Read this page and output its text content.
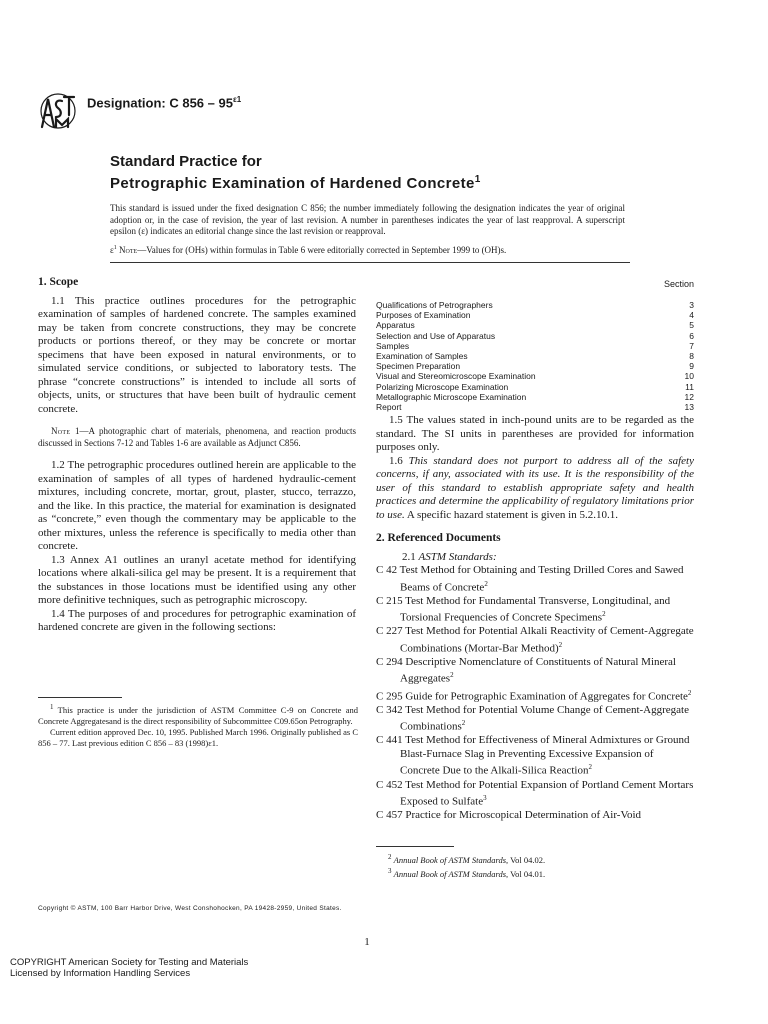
Designation: C $856 - 95^{\varepsilon 1}$
Standard Practice for
Petrographic Examination of Hardened Concrete$^1$
This standard is issued under the fixed designation C 856; the number immediately following the designation indicates the year of original adoption or, in the case of revision, the year of last revision. A number in parentheses indicates the year of last reapproval. A superscript epsilon (ε) indicates an editorial change since the last revision or reapproval.
$\varepsilon^1$ Note—Values for (OHs) within formulas in Table 6 were editorially corrected in September 1999 to (OH)s.
1. Scope

1.1 This practice outlines procedures for the petrographic examination of samples of hardened concrete. The samples examined may be taken from concrete constructions, they may be concrete products or portions thereof, or they may be concrete or mortar specimens that have been exposed in natural environments, or to simulated service conditions, or subjected to laboratory tests. The phrase “concrete constructions” is intended to include all sorts of objects, units, or structures that have been built of hydraulic cement concrete.

Note 1—A photographic chart of materials, phenomena, and reaction products discussed in Sections 7-12 and Tables 1-6 are available as Adjunct C856.

1.2 The petrographic procedures outlined herein are applicable to the examination of samples of all types of hardened hydraulic-cement mixtures, including concrete, mortar, grout, plaster, stucco, terrazzo, and the like. In this practice, the material for examination is designated as “concrete,” even though the commentary may be applicable to the other mixtures, unless the reference is specifically to media other than concrete.

1.3 Annex A1 outlines an uranyl acetate method for identifying locations where alkali-silica gel may be present. It is a requirement that the substances in those locations must be identified using any other more definitive techniques, such as petrographic microscopy.

1.4 The purposes of and procedures for petrographic examination of hardened concrete are given in the following sections:

Section
Qualifications of Petrographers	3
Purposes of Examination	4
Apparatus	5
Selection and Use of Apparatus	6
Samples	7
Examination of Samples	8
Specimen Preparation	9
Visual and Stereomicroscope Examination	10
Polarizing Microscope Examination	11
Metallographic Microscope Examination	12
Report	13

1.5 The values stated in inch-pound units are to be regarded as the standard. The SI units in parentheses are provided for information purposes only.

1.6 This standard does not purport to address all of the safety concerns, if any, associated with its use. It is the responsibility of the user of this standard to establish appropriate safety and health practices and determine the applicability of regulatory limitations prior to use. A specific hazard statement is given in 5.2.10.1.

2. Referenced Documents

2.1 ASTM Standards:

C 42 Test Method for Obtaining and Testing Drilled Cores and Sawed Beams of Concrete$^2$

C 215 Test Method for Fundamental Transverse, Longitudinal, and Torsional Frequencies of Concrete Specimens$^2$

C 227 Test Method for Potential Alkali Reactivity of Cement-Aggregate Combinations (Mortar-Bar Method)$^2$

C 294 Descriptive Nomenclature of Constituents of Natural Mineral Aggregates$^2$

C 295 Guide for Petrographic Examination of Aggregates for Concrete$^2$

C 342 Test Method for Potential Volume Change of Cement-Aggregate Combinations$^2$

C 441 Test Method for Effectiveness of Mineral Admixtures or Ground Blast-Furnace Slag in Preventing Excessive Expansion of Concrete Due to the Alkali-Silica Reaction$^2$

C 452 Test Method for Potential Expansion of Portland Cement Mortars Exposed to Sulfate$^3$

C 457 Practice for Microscopical Determination of Air-Void

$^1$ This practice is under the jurisdiction of ASTM Committee C-9 on Concrete and Concrete Aggregatesand is the direct responsibility of Subcommittee C09.65on Petrography.

Current edition approved Dec. 10, 1995. Published March 1996. Originally published as C 856 – 77. Last previous edition C 856 – 83 (1998)ε1.

$^2$ Annual Book of ASTM Standards, Vol 04.02.

$^3$ Annual Book of ASTM Standards, Vol 04.01.

Copyright © ASTM, 100 Barr Harbor Drive, West Conshohocken, PA 19428-2959, United States.
1
COPYRIGHT American Society for Testing and Materials
Licensed by Information Handling Services
